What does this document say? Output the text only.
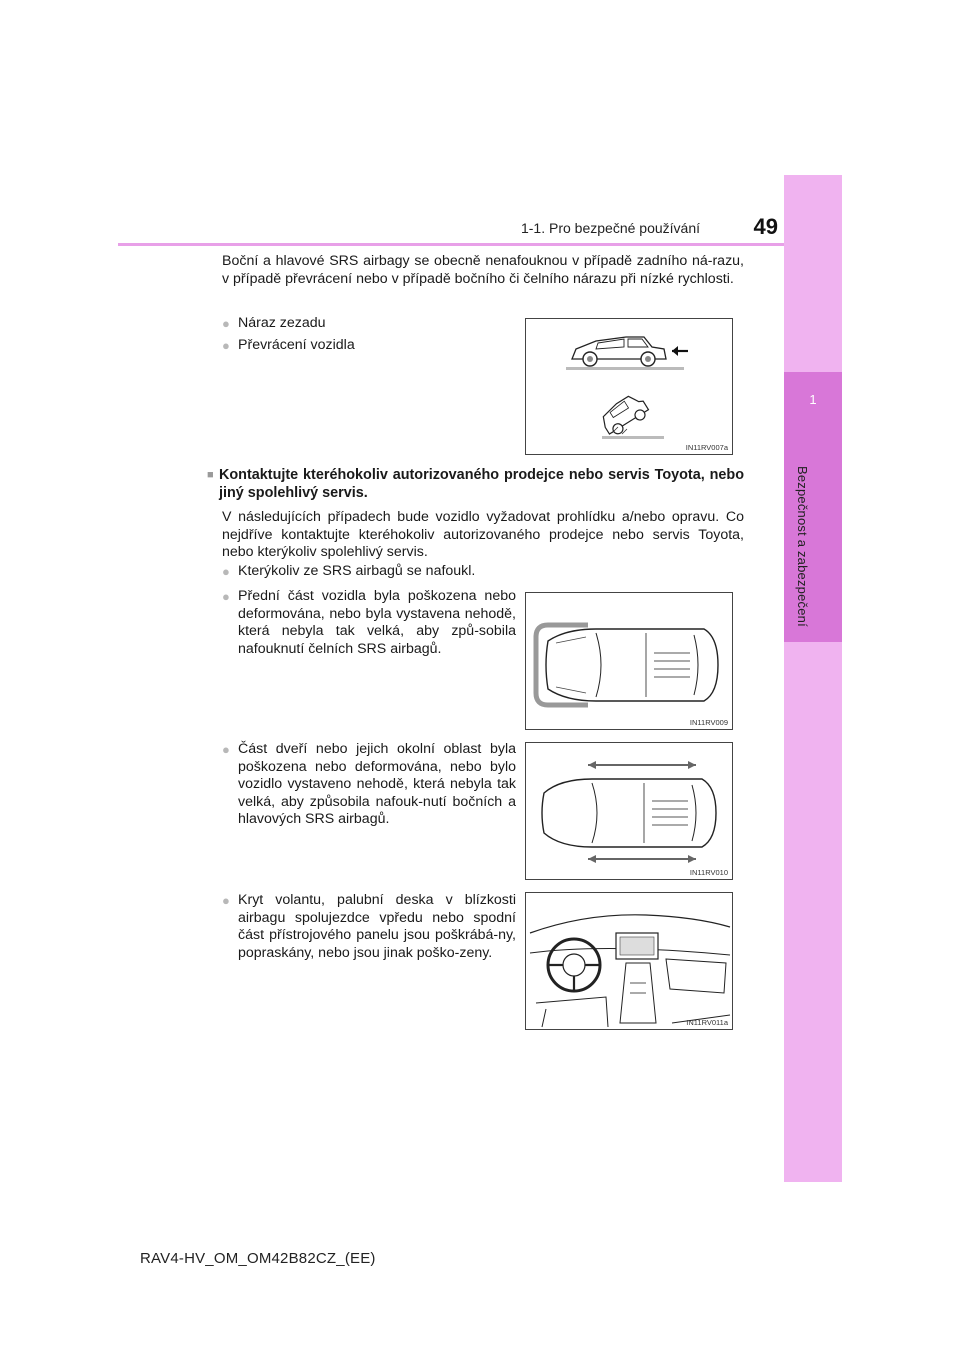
1
Bezpečnost a zabezpečení
1-1. Pro bezpečné používání	49
Boční a hlavové SRS airbagy se obecně nenafouknou v případě zadního ná-razu, v případě převrácení nebo v případě bočního či čelního nárazu při nízké rychlosti.
● Náraz zezadu
● Převrácení vozidla
IN11RV007a
■ Kontaktujte kteréhokoliv autorizovaného prodejce nebo servis Toyota, nebo jiný spolehlivý servis.
V následujících případech bude vozidlo vyžadovat prohlídku a/nebo opravu. Co nejdříve kontaktujte kteréhokoliv autorizovaného prodejce nebo servis Toyota, nebo kterýkoliv spolehlivý servis.
● Kterýkoliv ze SRS airbagů se nafoukl.
● Přední část vozidla byla poškozena nebo deformována, nebo byla vystavena nehodě, která nebyla tak velká, aby způ-sobila nafouknutí čelních SRS airbagů.
IN11RV009
● Část dveří nebo jejich okolní oblast byla poškozena nebo deformována, nebo bylo vozidlo vystaveno nehodě, která nebyla tak velká, aby způsobila nafouk-nutí bočních a hlavových SRS airbagů.
IN11RV010
● Kryt volantu, palubní deska v blízkosti airbagu spolujezdce vpředu nebo spodní část přístrojového panelu jsou poškrábá-ny, popraskány, nebo jsou jinak poško-zeny.
IN11RV011a
RAV4-HV_OM_OM42B82CZ_(EE)
